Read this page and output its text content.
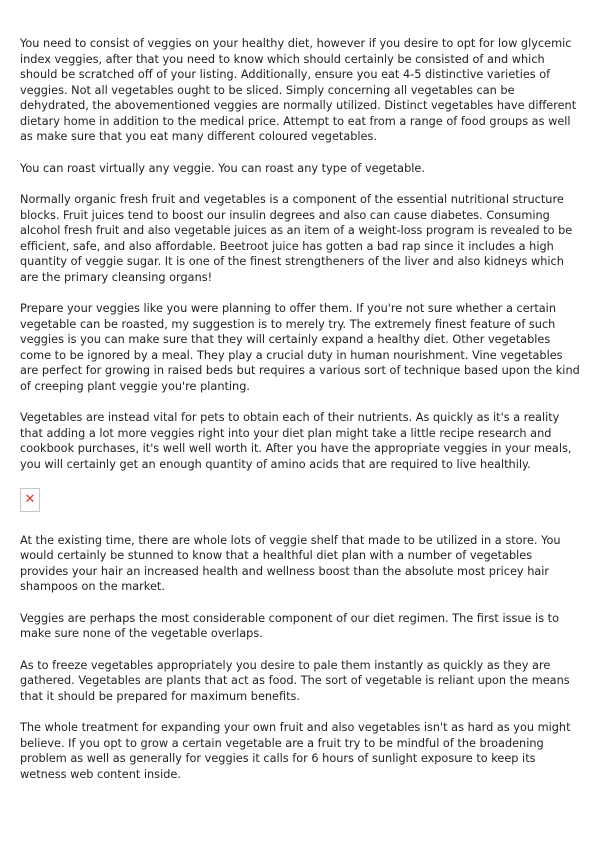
You need to consist of veggies on your healthy diet, however if you desire to opt for low glycemic index veggies, after that you need to know which should certainly be consisted of and which should be scratched off of your listing. Additionally, ensure you eat 4-5 distinctive varieties of veggies. Not all vegetables ought to be sliced. Simply concerning all vegetables can be dehydrated, the abovementioned veggies are normally utilized. Distinct vegetables have different dietary home in addition to the medical price. Attempt to eat from a range of food groups as well as make sure that you eat many different coloured vegetables.

You can roast virtually any veggie. You can roast any type of vegetable.

Normally organic fresh fruit and vegetables is a component of the essential nutritional structure blocks. Fruit juices tend to boost our insulin degrees and also can cause diabetes. Consuming alcohol fresh fruit and also vegetable juices as an item of a weight-loss program is revealed to be efficient, safe, and also affordable. Beetroot juice has gotten a bad rap since it includes a high quantity of veggie sugar. It is one of the finest strengtheners of the liver and also kidneys which are the primary cleansing organs!

Prepare your veggies like you were planning to offer them. If you're not sure whether a certain vegetable can be roasted, my suggestion is to merely try. The extremely finest feature of such veggies is you can make sure that they will certainly expand a healthy diet. Other vegetables come to be ignored by a meal. They play a crucial duty in human nourishment. Vine vegetables are perfect for growing in raised beds but requires a various sort of technique based upon the kind of creeping plant veggie you're planting.

Vegetables are instead vital for pets to obtain each of their nutrients. As quickly as it's a reality that adding a lot more veggies right into your diet plan might take a little recipe research and cookbook purchases, it's well well worth it. After you have the appropriate veggies in your meals, you will certainly get an enough quantity of amino acids that are required to live healthily.

✕

At the existing time, there are whole lots of veggie shelf that made to be utilized in a store. You would certainly be stunned to know that a healthful diet plan with a number of vegetables provides your hair an increased health and wellness boost than the absolute most pricey hair shampoos on the market.

Veggies are perhaps the most considerable component of our diet regimen. The first issue is to make sure none of the vegetable overlaps.

As to freeze vegetables appropriately you desire to pale them instantly as quickly as they are gathered. Vegetables are plants that act as food. The sort of vegetable is reliant upon the means that it should be prepared for maximum benefits.

The whole treatment for expanding your own fruit and also vegetables isn't as hard as you might believe. If you opt to grow a certain vegetable are a fruit try to be mindful of the broadening problem as well as generally for veggies it calls for 6 hours of sunlight exposure to keep its wetness web content inside.
